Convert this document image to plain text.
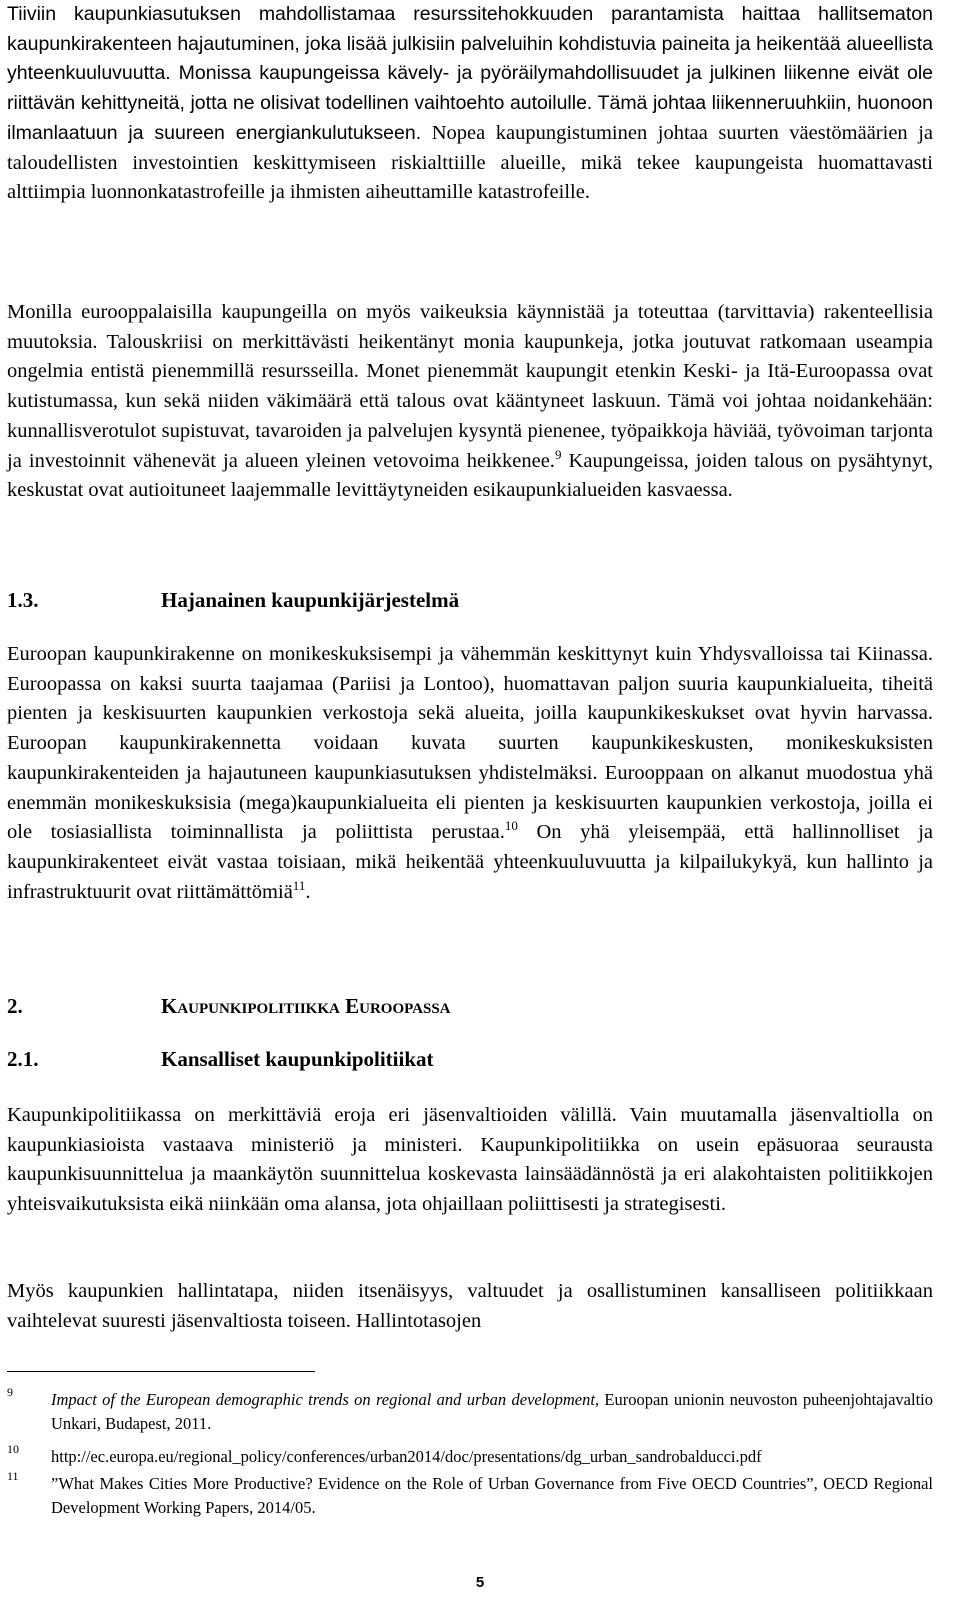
Tiiviin kaupunkiasutuksen mahdollistamaa resurssitehokkuuden parantamista haittaa hallitsematon kaupunkirakenteen hajautuminen, joka lisää julkisiin palveluihin kohdistuvia paineita ja heikentää alueellista yhteenkuuluvuutta. Monissa kaupungeissa kävely- ja pyöräilymahdollisuudet ja julkinen liikenne eivät ole riittävän kehittyneitä, jotta ne olisivat todellinen vaihtoehto autoilulle. Tämä johtaa liikenneruuhkiin, huonoon ilmanlaatuun ja suureen energiankulutukseen. Nopea kaupungistuminen johtaa suurten väestömäärien ja taloudellisten investointien keskittymiseen riskialttiille alueille, mikä tekee kaupungeista huomattavasti alttiimpia luonnonkatastrofeille ja ihmisten aiheuttamille katastrofeille.

Monilla eurooppalaisilla kaupungeilla on myös vaikeuksia käynnistää ja toteuttaa (tarvittavia) rakenteellisia muutoksia. Talouskriisi on merkittävästi heikentänyt monia kaupunkeja, jotka joutuvat ratkomaan useampia ongelmia entistä pienemmillä resursseilla. Monet pienemmät kaupungit etenkin Keski- ja Itä-Euroopassa ovat kutistumassa, kun sekä niiden väkimäärä että talous ovat kääntyneet laskuun. Tämä voi johtaa noidankehään: kunnallisverotulot supistuvat, tavaroiden ja palvelujen kysyntä pienenee, työpaikkoja häviää, työvoiman tarjonta ja investoinnit vähenevät ja alueen yleinen vetovoima heikkenee.$^9$ Kaupungeissa, joiden talous on pysähtynyt, keskustat ovat autioituneet laajemmalle levittäytyneiden esikaupunkialueiden kasvaessa.

1.3.	Hajanainen kaupunkijärjestelmä

Euroopan kaupunkirakenne on monikeskuksisempi ja vähemmän keskittynyt kuin Yhdysvalloissa tai Kiinassa. Euroopassa on kaksi suurta taajamaa (Pariisi ja Lontoo), huomattavan paljon suuria kaupunkialueita, tiheitä pienten ja keskisuurten kaupunkien verkostoja sekä alueita, joilla kaupunkikeskukset ovat hyvin harvassa. Euroopan kaupunkirakennetta voidaan kuvata suurten kaupunkikeskusten, monikeskuksisten kaupunkirakenteiden ja hajautuneen kaupunkiasutuksen yhdistelmäksi. Eurooppaan on alkanut muodostua yhä enemmän monikeskuksisia (mega)kaupunkialueita eli pienten ja keskisuurten kaupunkien verkostoja, joilla ei ole tosiasiallista toiminnallista ja poliittista perustaa.$^{10}$ On yhä yleisempää, että hallinnolliset ja kaupunkirakenteet eivät vastaa toisiaan, mikä heikentää yhteenkuuluvuutta ja kilpailukykyä, kun hallinto ja infrastruktuurit ovat riittämättömiä$^{11}$.

2.	Kaupunkipolitiikka Euroopassa
2.1.	Kansalliset kaupunkipolitiikat

Kaupunkipolitiikassa on merkittäviä eroja eri jäsenvaltioiden välillä. Vain muutamalla jäsenvaltiolla on kaupunkiasioista vastaava ministeriö ja ministeri. Kaupunkipolitiikka on usein epäsuoraa seurausta kaupunkisuunnittelua ja maankäytön suunnittelua koskevasta lainsäädännöstä ja eri alakohtaisten politiikkojen yhteisvaikutuksista eikä niinkään oma alansa, jota ohjaillaan poliittisesti ja strategisesti.

Myös kaupunkien hallintatapa, niiden itsenäisyys, valtuudet ja osallistuminen kansalliseen politiikkaan vaihtelevat suuresti jäsenvaltiosta toiseen. Hallintotasojen

9 Impact of the European demographic trends on regional and urban development, Euroopan unionin neuvoston puheenjohtajavaltio Unkari, Budapest, 2011.
10 http://ec.europa.eu/regional_policy/conferences/urban2014/doc/presentations/dg_urban_sandrobalducci.pdf
11 ”What Makes Cities More Productive? Evidence on the Role of Urban Governance from Five OECD Countries”, OECD Regional Development Working Papers, 2014/05.
5
